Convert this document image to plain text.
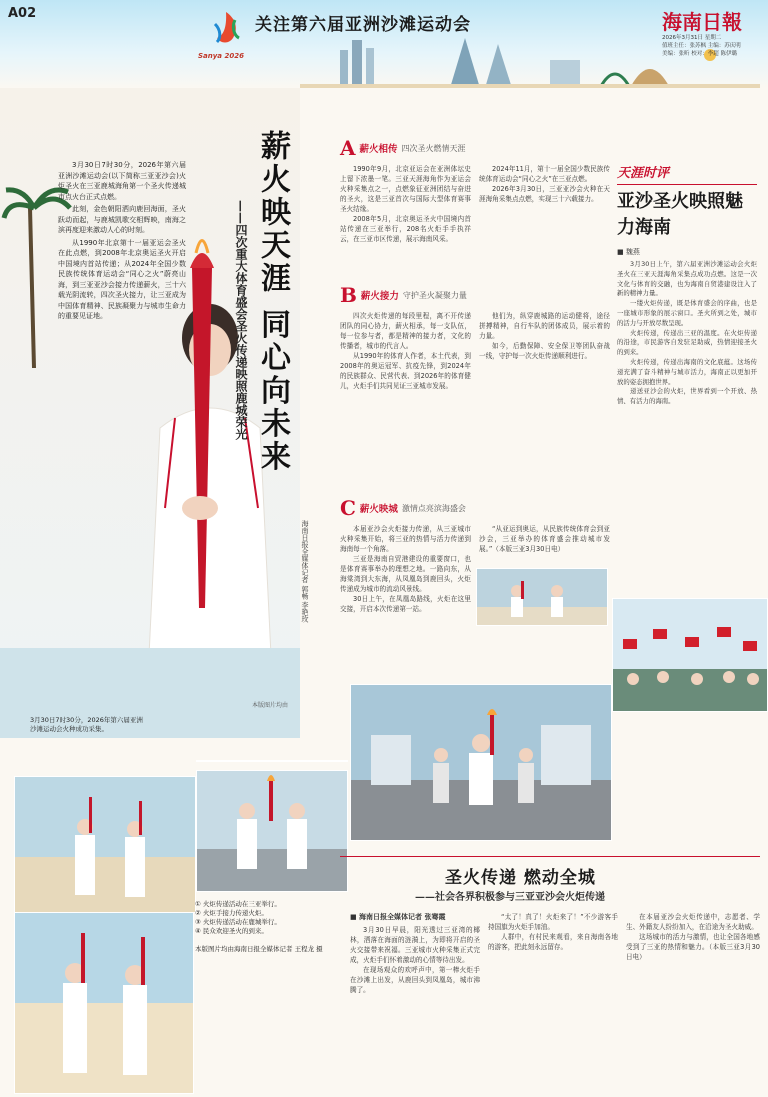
A02
Sanya 2026
关注第六届亚洲沙滩运动会	海南日報
2026年3月31日 星期二
值班主任：张苏枫 主编：苏庆明
美编：张昕 校对：李超 陈伊璐

3月30日7时30分，2026年第六届亚洲沙滩运动会(以下简称三亚亚沙会)火炬圣火在三亚鹿城海角第一个圣火传递城市点火台正式点燃。

此刻，金色朝阳洒向鹿回海面，圣火跃动而起，与鹿城凯歌交相辉映，南海之滨再度迎来激动人心的时刻。

从1990年北京第十一届亚运会圣火在此点燃，到2008年北京奥运圣火开启中国境内首站传递；从2024年全国少数民族传统体育运动会“同心之火”蔚亮山海，到三亚亚沙会接力传递薪火，三十六载光阴流转，四次圣火接力，让三亚成为中国体育精神、民族凝聚力与城市生命力的重要见证地。

3月30日7时30分，2026年第六届亚洲沙滩运动会火种成功采集。
薪火映天涯 同心向未来
——四次重大体育盛会圣火传递映照鹿城荣光
海南日报全媒体记者 郭畅 李艳玫
本版图片均由
A 薪火相传 四次圣火燃情天涯

1990年9月，北京亚运会在亚洲体坛史上留下浓墨一笔。三亚天涯海角作为亚运会火种采集点之一，点燃象征亚洲团结与奋进的圣火，这是三亚首次与国际大型体育赛事圣火结缘。

2008年5月，北京奥运圣火中国境内首站传递在三亚举行，208名火炬手手执祥云，在三亚市区传递，展示海南风采。

2024年11月，第十一届全国少数民族传统体育运动会“同心之火”在三亚点燃。

2026年3月30日，三亚亚沙会火种在天涯海角采集点点燃，实现三十六载接力。

B 薪火接力 守护圣火凝聚力量

四次火炬传递的每段里程，离不开传递团队的同心协力，薪火相承，每一支队伍，每一位参与者，都是精神的接力者，文化的传播者，城市的代言人。

从1990年的体育人作者，本土代表，到2008年的奥运冠军、抗疫先锋，到2024年的民族群众、民营代表、到2026年的体育健儿，火炬手们共同见证三亚城市发展。

他们为，纵穿鹿城路的运动健将，途径拼搏精神，自行车队的团体成员，展示着的力量。

如今，后勤保障、安全保卫等团队奋战一线，守护每一次火炬传递顺利进行。

C 薪火映城 激情点亮滨海盛会

本届亚沙会火炬接力传递，从三亚城市火种采集开始，将三亚的热情与活力传递到海南每一个角落。

三亚是海南自贸港建设的重要窗口，也是体育赛事举办的理想之地。一路向东，从海棠湾到大东海，从凤凰岛到鹿回头，火炬传递成为城市的流动风景线。

30日上午，在凤凰岛路线，火炬在这里交接，开启本次传递第一站。

“从亚运到奥运，从民族传统体育会到亚沙会，三亚举办的体育盛会推动城市发展。”（本版三亚3月30日电）

天涯时评
亚沙圣火映照魅力海南
■ 魏燕

3月30日上午，第六届亚洲沙滩运动会火炬圣火在三亚天涯海角采集点成功点燃。这是一次文化与体育的交融，也为海南自贸港建设注入了新的精神力量。

一缕火炬传递，既是体育盛会的序曲，也是一座城市形象的展示窗口。圣火所到之处，城市的活力与开放尽数呈现。

火炬传递，传递出三亚的温度。在火炬传递的沿途，市民游客自发驻足助威，热情迎接圣火的到来。

火炬传递，传递出海南的文化底蕴。这场传递充满了奋斗精神与城市活力，海南正以更加开放的姿态拥抱世界。

递送亚沙会的火炬，世界看到一个开放、热情、有活力的海南。

① 火炬传递活动在三亚举行。
② 火炬手接力传递火炬。
③ 火炬传递活动在鹿城举行。
④ 民众欢迎圣火的到来。
本版图片均由海南日报全媒体记者 王程龙 摄
圣火传递 燃动全城
——社会各界积极参与三亚亚沙会火炬传递
■ 海南日报全媒体记者 张骞霞

3月30日早晨，阳光透过三亚湾的椰林，洒落在海面的涟漪上，为即将开启的圣火交接带来祝福。三亚城市火种采集正式完成，火炬手们怀着激动的心情等待出发。

在现场观众的欢呼声中，第一棒火炬手在沙滩上出发，从鹿回头到凤凰岛，城市沸腾了。

“太了！真了！火炬来了！”不少游客手持国旗为火炬手加油。

人群中，有村民来观看，来自海南各地的游客，把此刻永远留存。

在本届亚沙会火炬传递中，志愿者、学生、外籍友人纷纷加入，在沿途为圣火助威。

这场城市的活力与激情，也让全国各地感受到了三亚的热情和魅力。（本版三亚3月30日电）
